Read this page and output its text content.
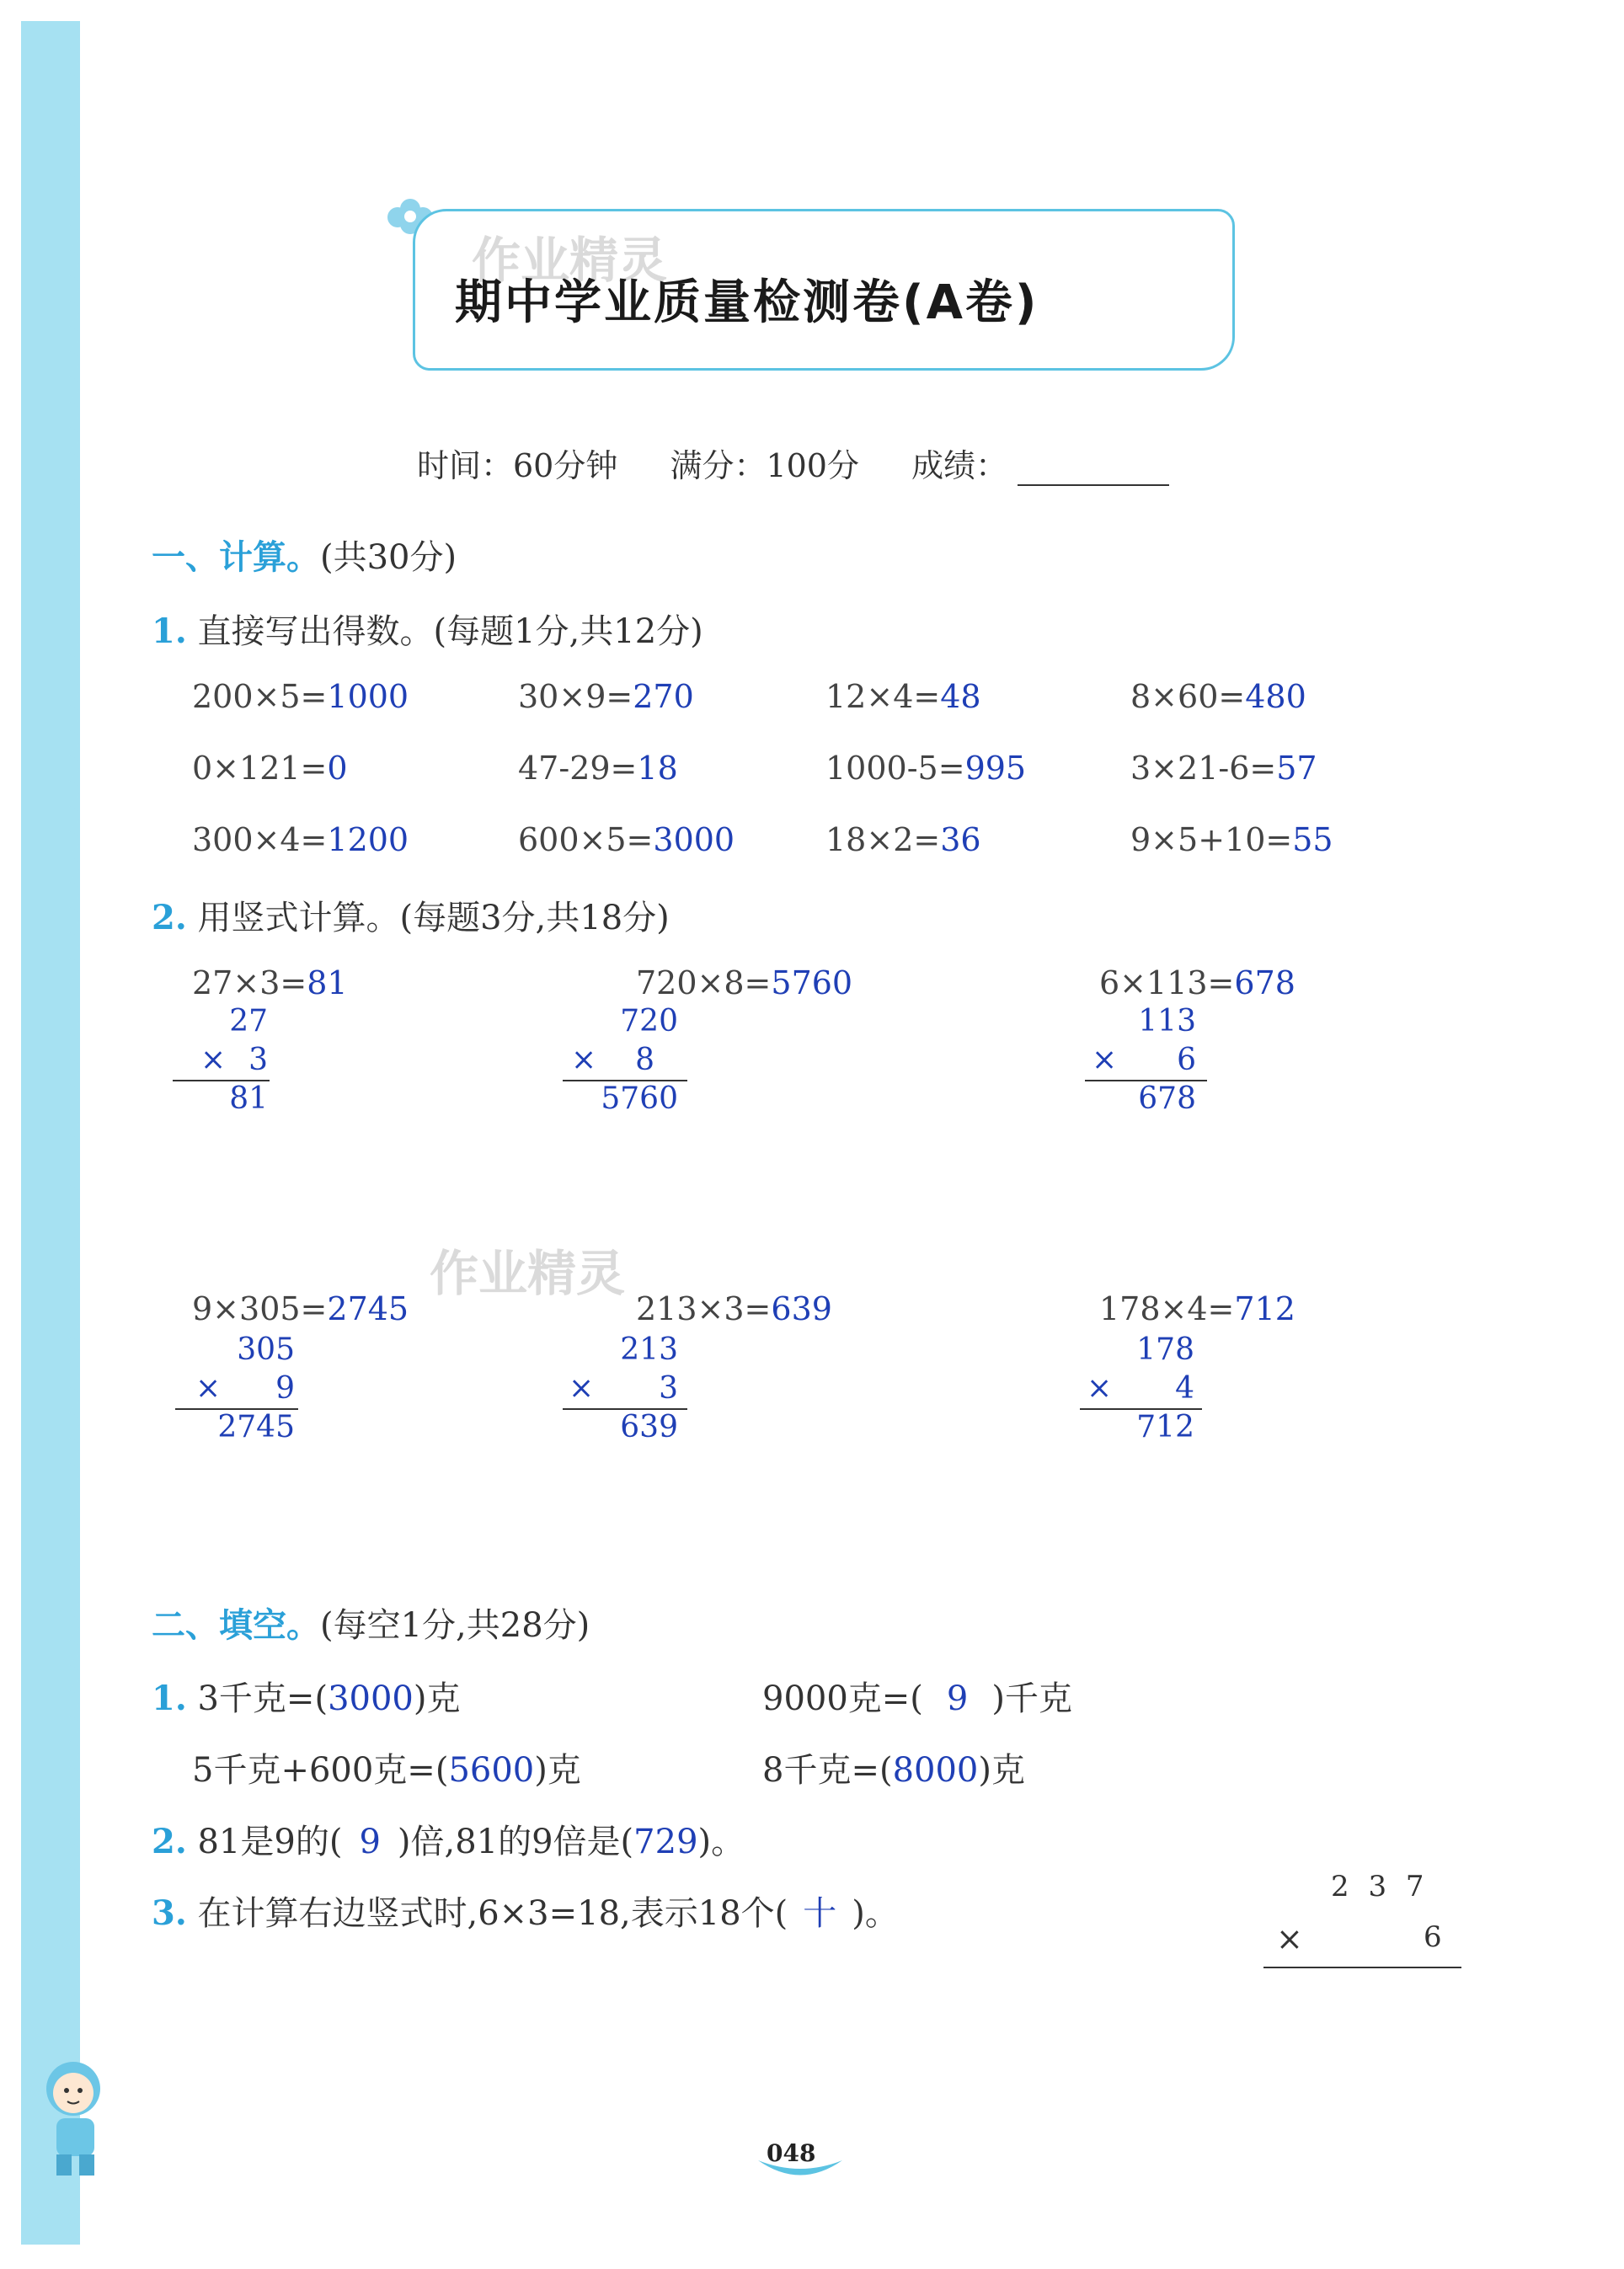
作业精灵
期中学业质量检测卷(A卷)
时间：60分钟 满分：100分 成绩：
一、计算。(共30分)
1. 直接写出得数。(每题1分,共12分)
200×5=1000	30×9=270	12×4=48	8×60=480
0×121=0	47-29=18	1000-5=995	3×21-6=57
300×4=1200	600×5=3000	18×2=36	9×5+10=55
2. 用竖式计算。(每题3分,共18分)
27×3=81
27
× 3
81
720×8=5760
720
×	8
5760
6×113=678
113
×	6
678
作业精灵
9×305=2745
305
×	9
2745
213×3=639
213
×	3
639
178×4=712
178
×	4
712
二、填空。(每空1分,共28分)
1. 3千克=(3000)克	9000克=( 9 )千克
5千克+600克=(5600)克	8千克=(8000)克
2. 81是9的( 9 )倍,81的9倍是(729)。
3. 在计算右边竖式时,6×3=18,表示18个( 十 )。
2 3 7
×	6
048
